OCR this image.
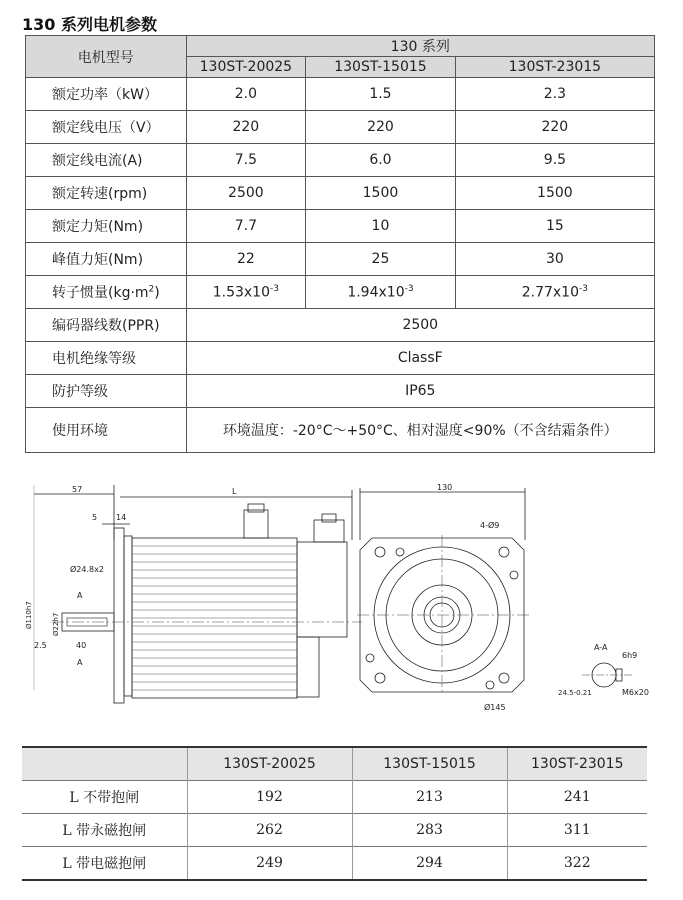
130 系列电机参数
电机型号	130 系列		
	130ST-20025	130ST-15015	130ST-23015
额定功率（kW）	2.0	1.5	2.3
额定线电压（V）	220	220	220
额定线电流(A)	7.5	6.0	9.5
额定转速(rpm)	2500	1500	1500
额定力矩(Nm)	7.7	10	15
峰值力矩(Nm)	22	25	30
转子惯量$(kg\cdot m^2)$	$1.53x10^{-3}$	$1.94x10^{-3}$	$2.77x10^{-3}$
编码器线数(PPR)	2500		
电机绝缘等级	ClassF		
防护等级	IP65		
使用环境	环境温度：-20°C～+50°C、相对湿度<90%（不含结霜条件）		
57	L
5 14
Ø24.8x2
A
Ø110h7	Ø22h7
2.5	40
A
130
4-Ø9
Ø145
A-A
6h9
M6x20
24.5-0.21
	130ST-20025	130ST-15015	130ST-23015
L 不带抱闸	192	213	241
L 带永磁抱闸	262	283	311
L 带电磁抱闸	249	294	322
